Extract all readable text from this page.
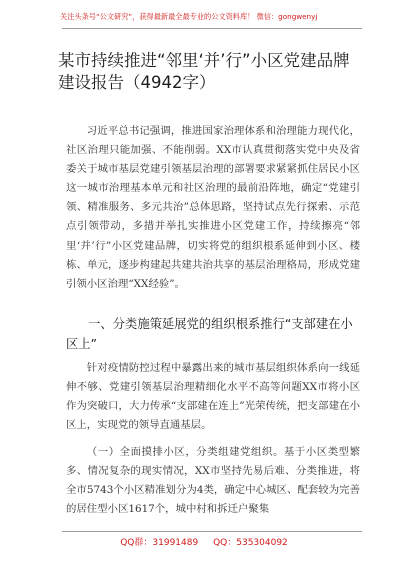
关注头条号“公文研究”，获得最新最全最专业的公文资料库！ 微信：gongwenyj
某市持续推进“邻里‘并’行”小区党建品牌建设报告（4942字）

习近平总书记强调，推进国家治理体系和治理能力现代化，社区治理只能加强、不能削弱。XX市认真贯彻落实党中央及省委关于城市基层党建引领基层治理的部署要求紧紧抓住居民小区这一城市治理基本单元和社区治理的最前沿阵地，确定“党建引领、精准服务、多元共治”总体思路，坚持试点先行探索、示范点引领带动，多措并举扎实推进小区党建工作，持续擦亮“邻里‘并’行”小区党建品牌，切实将党的组织根系延伸到小区、楼栋、单元，逐步构建起共建共治共享的基层治理格局，形成党建引领小区治理“XX经验”。

一、分类施策延展党的组织根系推行“支部建在小区上”

针对疫情防控过程中暴露出来的城市基层组织体系向一线延伸不够、党建引领基层治理精细化水平不高等问题XX市将小区作为突破口，大力传承“支部建在连上”光荣传统，把支部建在小区上，实现党的领导直通基层。

（一）全面摸排小区，分类组建党组织。基于小区类型繁多、情况复杂的现实情况，XX市坚持先易后难、分类推进，将全市5743个小区精准划分为4类，确定中心城区、配套较为完善的居住型小区1617个，城中村和拆迁户聚集

QQ群：31991489 QQ：535304092
